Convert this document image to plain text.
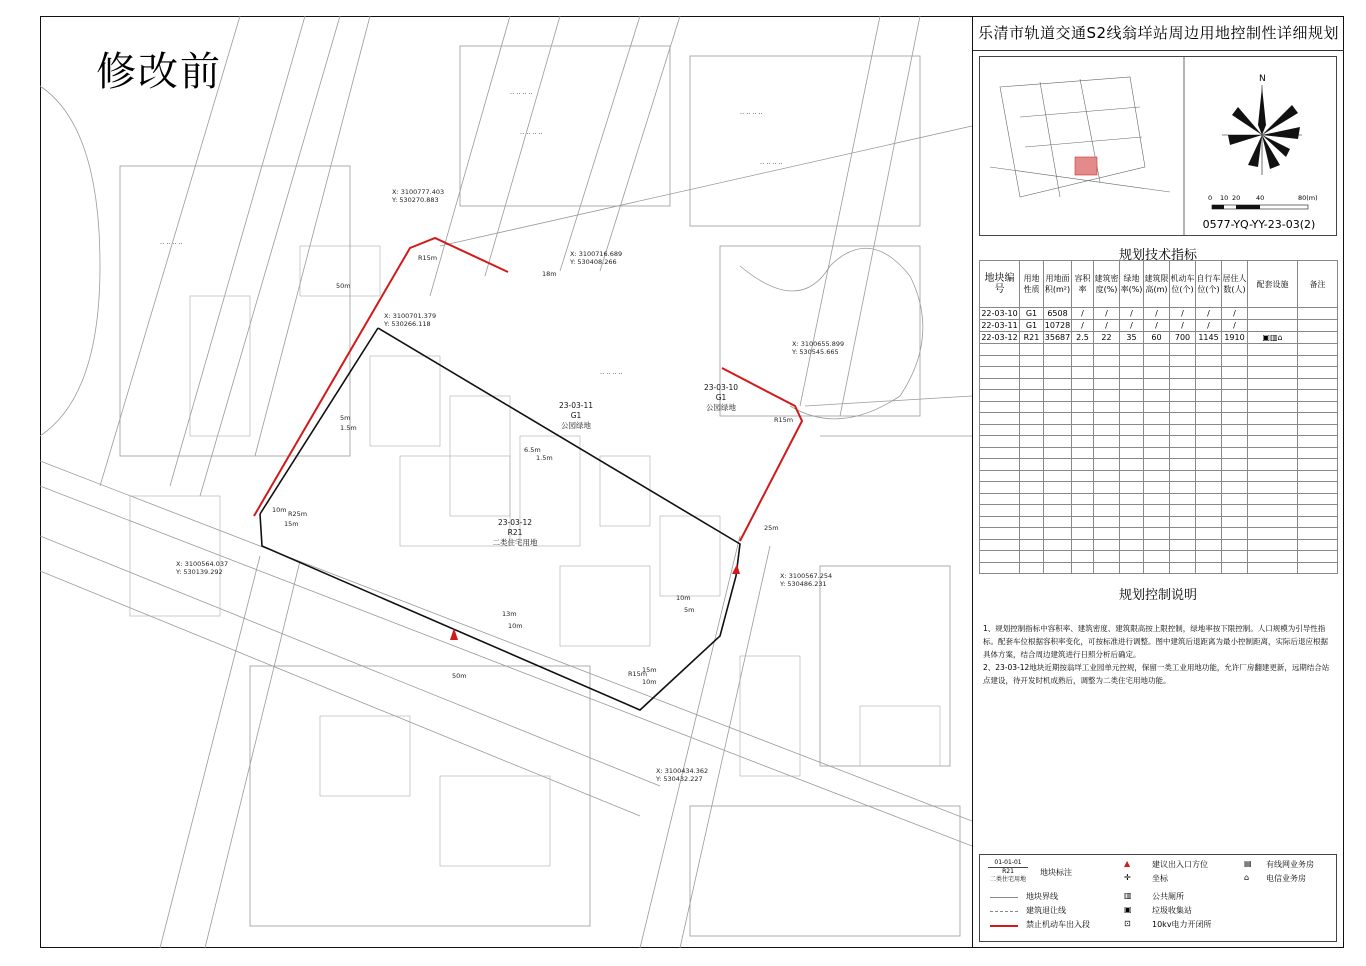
·· ·· ·· ··
·· ·· ·· ··
·· ·· ·· ··
·· ·· ·· ··
·· ·· ·· ··
·· ·· ·· ··
23-03-11
G1
公园绿地
23-03-10
G1
公园绿地
23-03-12
R21
二类住宅用地
X: 3100777.403
Y: 530270.883
X: 3100716.689
Y: 530408.266
X: 3100701.379
Y: 530266.118
X: 3100655.899
Y: 530545.665
X: 3100564.037
Y: 530139.292	X: 3100567.254
Y: 530486.231
X: 3100434.362
Y: 530432.227
50m
R15m
18m
5m
1.5m
6.5m
1.5m
10m R25m
15m
R15m
25m
10m
5m
13m
10m
50m	R15m
15m
10m
修改前
乐清市轨道交通S2线翁垟站周边用地控制性详细规划
N
0 10 20 40	80(m)
0577-YQ-YY-23-03(2)
规划技术指标
地块编号	用地性质	用地面积(m²)	容积率	建筑密度(%)	绿地率(%)	建筑限高(m)	机动车位(个)	自行车位(个)	居住人数(人)	配套设施	备注
22-03-10	G1	6508	/	/	/	/	/	/	/		
22-03-11	G1	10728	/	/	/	/	/	/	/		
22-03-12	R21	35687	2.5	22	35	60	700	1145	1910	▣▥⌂	

规划控制说明
1、规划控制指标中容积率、建筑密度、建筑限高按上限控制，绿地率按下限控制。人口规模为引导性指标。配套车位根据容积率变化，可按标准进行调整。图中建筑后退距离为最小控制距离，实际后退应根据具体方案，结合周边建筑进行日照分析后确定。
2、23-03-12地块近期按翁垟工业园单元控规，保留一类工业用地功能，允许厂房翻建更新，远期结合站点建设，待开发时机成熟后，调整为二类住宅用地功能。
01-01-01
R21
二类住宅用地
地块标注
地块界线
建筑退让线
禁止机动车出入段
▲	建议出入口方位
✛	坐标
▥	公共厕所
▣	垃圾收集站
⊡	10kv电力开闭所
▤ 有线网业务房
⌂ 电信业务房
